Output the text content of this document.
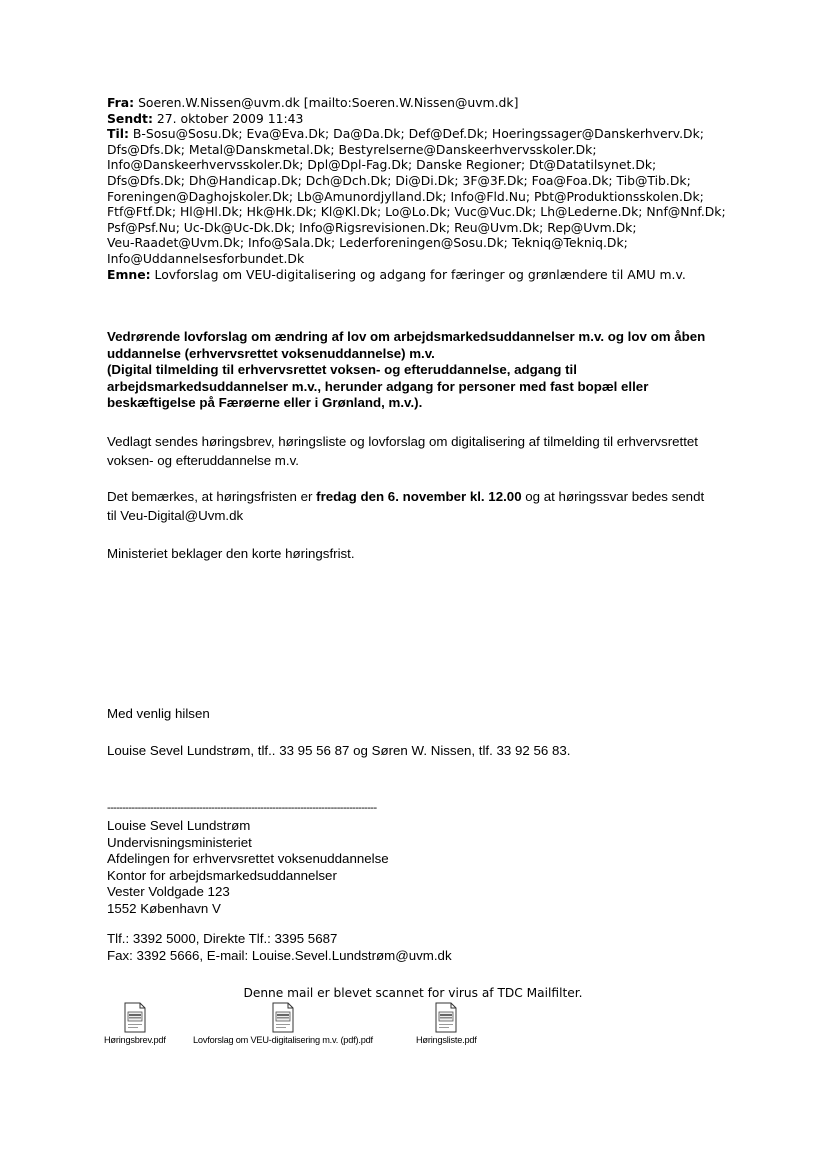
Fra: Soeren.W.Nissen@uvm.dk [mailto:Soeren.W.Nissen@uvm.dk]
Sendt: 27. oktober 2009 11:43
Til: B-Sosu@Sosu.Dk; Eva@Eva.Dk; Da@Da.Dk; Def@Def.Dk; Hoeringssager@Danskerhverv.Dk;
Dfs@Dfs.Dk; Metal@Danskmetal.Dk; Bestyrelserne@Danskeerhvervsskoler.Dk;
Info@Danskeerhvervsskoler.Dk; Dpl@Dpl-Fag.Dk; Danske Regioner; Dt@Datatilsynet.Dk;
Dfs@Dfs.Dk; Dh@Handicap.Dk; Dch@Dch.Dk; Di@Di.Dk; 3F@3F.Dk; Foa@Foa.Dk; Tib@Tib.Dk;
Foreningen@Daghojskoler.Dk; Lb@Amunordjylland.Dk; Info@Fld.Nu; Pbt@Produktionsskolen.Dk;
Ftf@Ftf.Dk; Hl@Hl.Dk; Hk@Hk.Dk; Kl@Kl.Dk; Lo@Lo.Dk; Vuc@Vuc.Dk; Lh@Lederne.Dk; Nnf@Nnf.Dk;
Psf@Psf.Nu; Uc-Dk@Uc-Dk.Dk; Info@Rigsrevisionen.Dk; Reu@Uvm.Dk; Rep@Uvm.Dk;
Veu-Raadet@Uvm.Dk; Info@Sala.Dk; Lederforeningen@Sosu.Dk; Tekniq@Tekniq.Dk;
Info@Uddannelsesforbundet.Dk
Emne: Lovforslag om VEU-digitalisering og adgang for færinger og grønlændere til AMU m.v.
Vedrørende lovforslag om ændring af lov om arbejdsmarkedsuddannelser m.v. og lov om åben
uddannelse (erhvervsrettet voksenuddannelse) m.v.
(Digital tilmelding til erhvervsrettet voksen- og efteruddannelse, adgang til
arbejdsmarkedsuddannelser m.v., herunder adgang for personer med fast bopæl eller
beskæftigelse på Færøerne eller i Grønland, m.v.).
Vedlagt sendes høringsbrev, høringsliste og lovforslag om digitalisering af tilmelding til erhvervsrettet
voksen- og efteruddannelse m.v.
Det bemærkes, at høringsfristen er fredag den 6. november kl. 12.00 og at høringssvar bedes sendt
til Veu-Digital@Uvm.dk
Ministeriet beklager den korte høringsfrist.
Med venlig hilsen
Louise Sevel Lundstrøm, tlf.. 33 95 56 87 og Søren W. Nissen, tlf. 33 92 56 83.
----------------------------------------------------------------------------------------
Louise Sevel Lundstrøm
Undervisningsministeriet
Afdelingen for erhvervsrettet voksenuddannelse
Kontor for arbejdsmarkedsuddannelser
Vester Voldgade 123
1552 København V
Tlf.: 3392 5000, Direkte Tlf.: 3395 5687
Fax: 3392 5666, E-mail: Louise.Sevel.Lundstrøm@uvm.dk
Denne mail er blevet scannet for virus af TDC Mailfilter.
Høringsbrev.pdf	Lovforslag om VEU-digitalisering m.v. (pdf).pdf	Høringsliste.pdf
